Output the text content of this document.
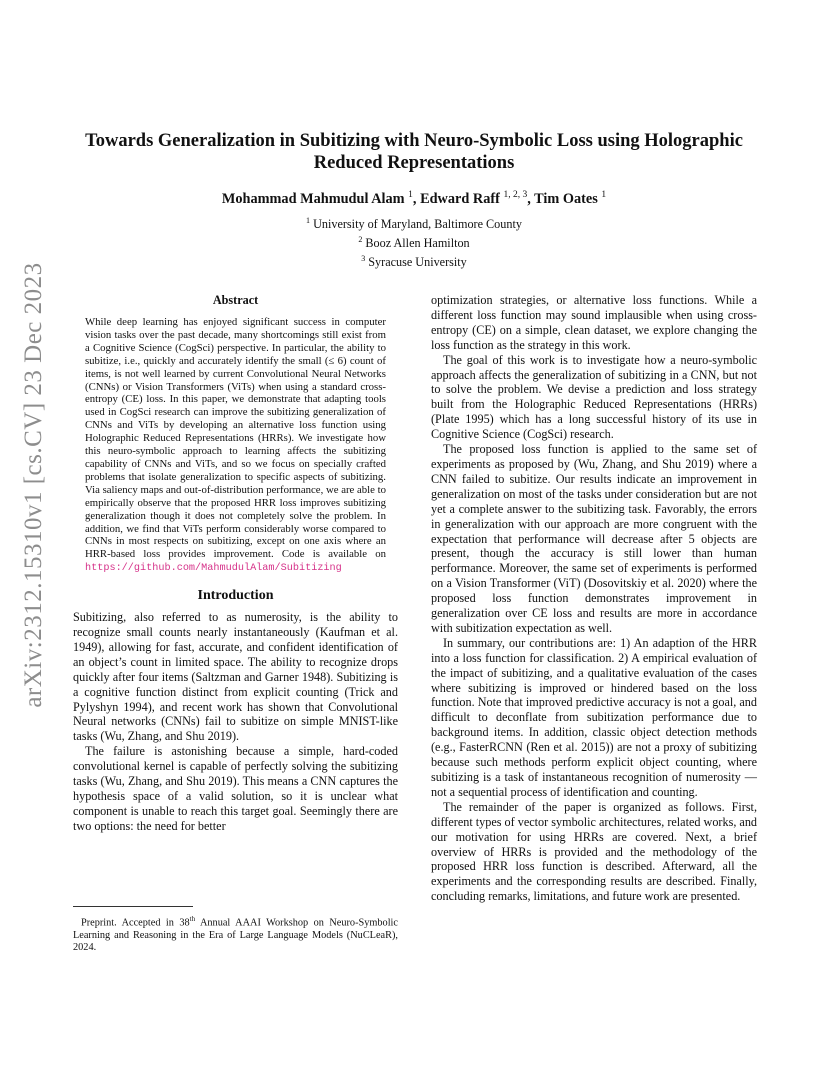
arXiv:2312.15310v1 [cs.CV] 23 Dec 2023
Towards Generalization in Subitizing with Neuro-Symbolic Loss using Holographic Reduced Representations

Mohammad Mahmudul Alam $^1$, Edward Raff $^{1, 2, 3}$, Tim Oates $^1$

$^1$ University of Maryland, Baltimore County
$^2$ Booz Allen Hamilton
$^3$ Syracuse University
Abstract

While deep learning has enjoyed significant success in computer vision tasks over the past decade, many shortcomings still exist from a Cognitive Science (CogSci) perspective. In particular, the ability to subitize, i.e., quickly and accurately identify the small (≤ 6) count of items, is not well learned by current Convolutional Neural Networks (CNNs) or Vision Transformers (ViTs) when using a standard cross-entropy (CE) loss. In this paper, we demonstrate that adapting tools used in CogSci research can improve the subitizing generalization of CNNs and ViTs by developing an alternative loss function using Holographic Reduced Representations (HRRs). We investigate how this neuro-symbolic approach to learning affects the subitizing capability of CNNs and ViTs, and so we focus on specially crafted problems that isolate generalization to specific aspects of subitizing. Via saliency maps and out-of-distribution performance, we are able to empirically observe that the proposed HRR loss improves subitizing generalization though it does not completely solve the problem. In addition, we find that ViTs perform considerably worse compared to CNNs in most respects on subitizing, except on one axis where an HRR-based loss provides improvement. Code is available on https://github.com/MahmudulAlam/Subitizing

Introduction

Subitizing, also referred to as numerosity, is the ability to recognize small counts nearly instantaneously (Kaufman et al. 1949), allowing for fast, accurate, and confident identification of an object’s count in limited space. The ability to recognize drops quickly after four items (Saltzman and Garner 1948). Subitizing is a cognitive function distinct from explicit counting (Trick and Pylyshyn 1994), and recent work has shown that Convolutional Neural networks (CNNs) fail to subitize on simple MNIST-like tasks (Wu, Zhang, and Shu 2019).

The failure is astonishing because a simple, hard-coded convolutional kernel is capable of perfectly solving the subitizing tasks (Wu, Zhang, and Shu 2019). This means a CNN captures the hypothesis space of a valid solution, so it is unclear what component is unable to reach this target goal. Seemingly there are two options: the need for better

optimization strategies, or alternative loss functions. While a different loss function may sound implausible when using cross-entropy (CE) on a simple, clean dataset, we explore changing the loss function as the strategy in this work.

The goal of this work is to investigate how a neuro-symbolic approach affects the generalization of subitizing in a CNN, but not to solve the problem. We devise a prediction and loss strategy built from the Holographic Reduced Representations (HRRs) (Plate 1995) which has a long successful history of its use in Cognitive Science (CogSci) research.

The proposed loss function is applied to the same set of experiments as proposed by (Wu, Zhang, and Shu 2019) where a CNN failed to subitize. Our results indicate an improvement in generalization on most of the tasks under consideration but are not yet a complete answer to the subitizing task. Favorably, the errors in generalization with our approach are more congruent with the expectation that performance will decrease after 5 objects are present, though the accuracy is still lower than human performance. Moreover, the same set of experiments is performed on a Vision Transformer (ViT) (Dosovitskiy et al. 2020) where the proposed loss function demonstrates improvement in generalization over CE loss and results are more in accordance with subitization expectation as well.

In summary, our contributions are: 1) An adaption of the HRR into a loss function for classification. 2) A empirical evaluation of the impact of subitizing, and a qualitative evaluation of the cases where subitizing is improved or hindered based on the loss function. Note that improved predictive accuracy is not a goal, and difficult to deconflate from subitization performance due to background items. In addition, classic object detection methods (e.g., FasterRCNN (Ren et al. 2015)) are not a proxy of subitizing because such methods perform explicit object counting, where subitizing is a task of instantaneous recognition of numerosity — not a sequential process of identification and counting.

The remainder of the paper is organized as follows. First, different types of vector symbolic architectures, related works, and our motivation for using HRRs are covered. Next, a brief overview of HRRs is provided and the methodology of the proposed HRR loss function is described. Afterward, all the experiments and the corresponding results are described. Finally, concluding remarks, limitations, and future work are presented.

Preprint. Accepted in 38th Annual AAAI Workshop on Neuro-Symbolic Learning and Reasoning in the Era of Large Language Models (NuCLeaR), 2024.
